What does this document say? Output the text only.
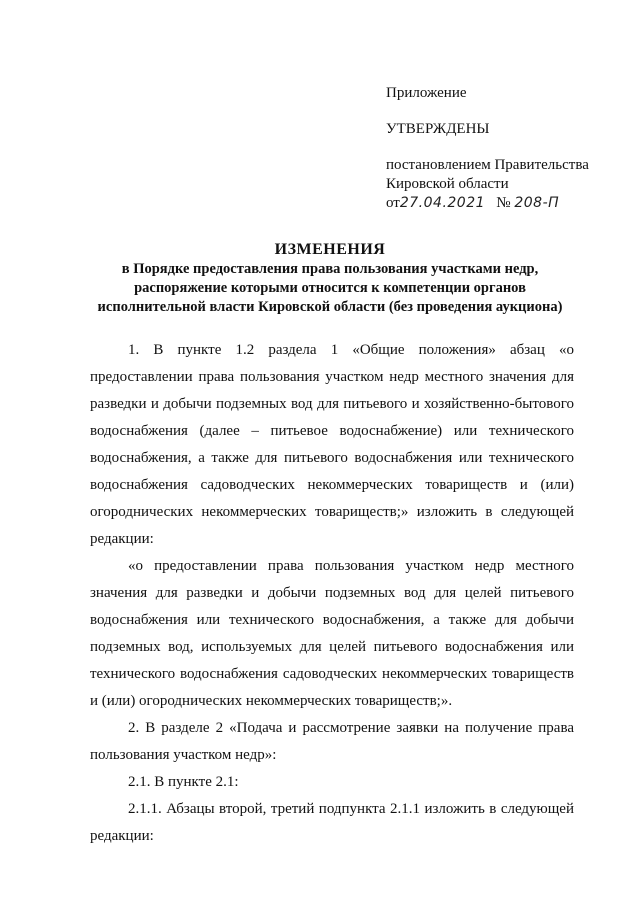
Приложение
УТВЕРЖДЕНЫ
постановлением Правительства
Кировской области
от27.04.2021 № 208-П
ИЗМЕНЕНИЯ
в Порядке предоставления права пользования участками недр,
распоряжение которыми относится к компетенции органов
исполнительной власти Кировской области (без проведения аукциона)

1. В пункте 1.2 раздела 1 «Общие положения» абзац «о предоставлении права пользования участком недр местного значения для разведки и добычи подземных вод для питьевого и хозяйственно-бытового водоснабжения (далее – питьевое водоснабжение) или технического водоснабжения, а также для питьевого водоснабжения или технического водоснабжения садоводческих некоммерческих товариществ и (или) огороднических некоммерческих товариществ;» изложить в следующей редакции:

«о предоставлении права пользования участком недр местного значения для разведки и добычи подземных вод для целей питьевого водоснабжения или технического водоснабжения, а также для добычи подземных вод, используемых для целей питьевого водоснабжения или технического водоснабжения садоводческих некоммерческих товариществ и (или) огороднических некоммерческих товариществ;».

2. В разделе 2 «Подача и рассмотрение заявки на получение права пользования участком недр»:

2.1. В пункте 2.1:

2.1.1. Абзацы второй, третий подпункта 2.1.1 изложить в следующей редакции:
